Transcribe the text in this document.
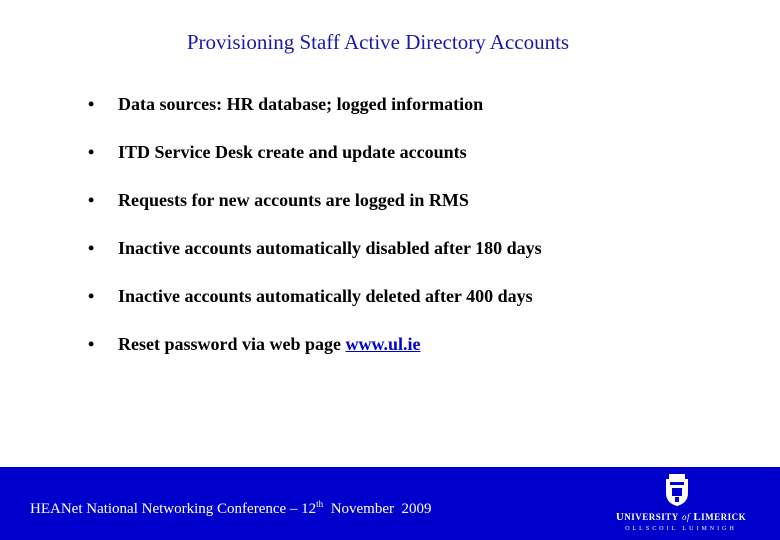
Provisioning Staff Active Directory Accounts
•	Data sources: HR database; logged information
•	ITD Service Desk create and update accounts
•	Requests for new accounts are logged in RMS
•	Inactive accounts automatically disabled after 180 days
•	Inactive accounts automatically deleted after 400 days
•	Reset password via web page www.ul.ie
HEANet National Networking Conference – 12th  November  2009	UNIVERSITY of LIMERICK
OLLSCOIL LUIMNIGH
